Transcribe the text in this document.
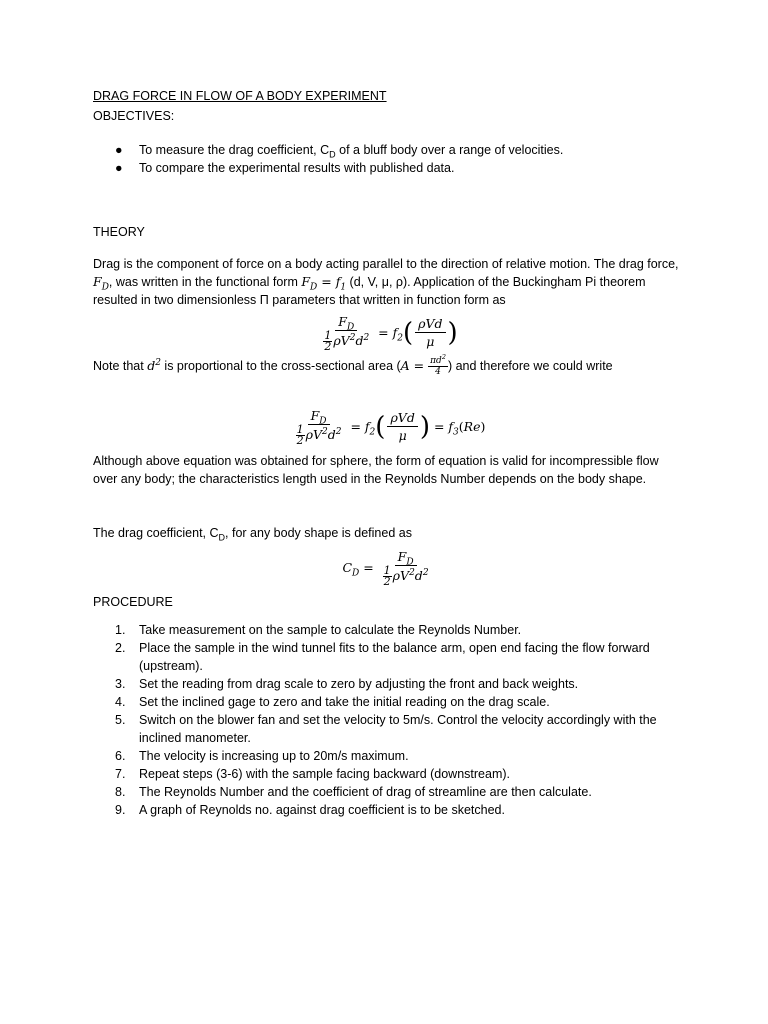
DRAG FORCE IN FLOW OF A BODY EXPERIMENT

OBJECTIVES:

● To measure the drag coefficient, $C_D$ of a bluff body over a range of velocities.
● To compare the experimental results with published data.

THEORY

Drag is the component of force on a body acting parallel to the direction of relative motion. The drag force, $F_D$, was written in the functional form $F_D = f_1$ (d, V, μ, ρ). Application of the Buckingham Pi theorem resulted in two dimensionless Π parameters that written in function form as

$\frac{F_D}{\frac{1}{2} \rho V^2d^2} = f_2$ ( $\frac{\text{ρVd}}{\mu}$ )

Note that $d^2$ is proportional to the cross-sectional area ($A = \frac{\pi d^2}{4}$ ) and therefore we could write

$\frac{F_D}{\frac{1}{2} \rho V^2d^2} = f_2$ ( $\frac{\text{ρVd}}{\mu}$ ) = $f_3$ ( Re )

Although above equation was obtained for sphere, the form of equation is valid for incompressible flow over any body; the characteristics length used in the Reynolds Number depends on the body shape.

The drag coefficient, $C_D$, for any body shape is defined as

$C_D = \frac{F_D}{\frac{1}{2} \rho V^2d^2}$

PROCEDURE

1. Take measurement on the sample to calculate the Reynolds Number.
2. Place the sample in the wind tunnel fits to the balance arm, open end facing the flow forward (upstream).
3. Set the reading from drag scale to zero by adjusting the front and back weights.
4. Set the inclined gage to zero and take the initial reading on the drag scale.
5. Switch on the blower fan and set the velocity to 5m/s. Control the velocity accordingly with the inclined manometer.
6. The velocity is increasing up to 20m/s maximum.
7. Repeat steps (3-6) with the sample facing backward (downstream).
8. The Reynolds Number and the coefficient of drag of streamline are then calculate.
9. A graph of Reynolds no. against drag coefficient is to be sketched.
